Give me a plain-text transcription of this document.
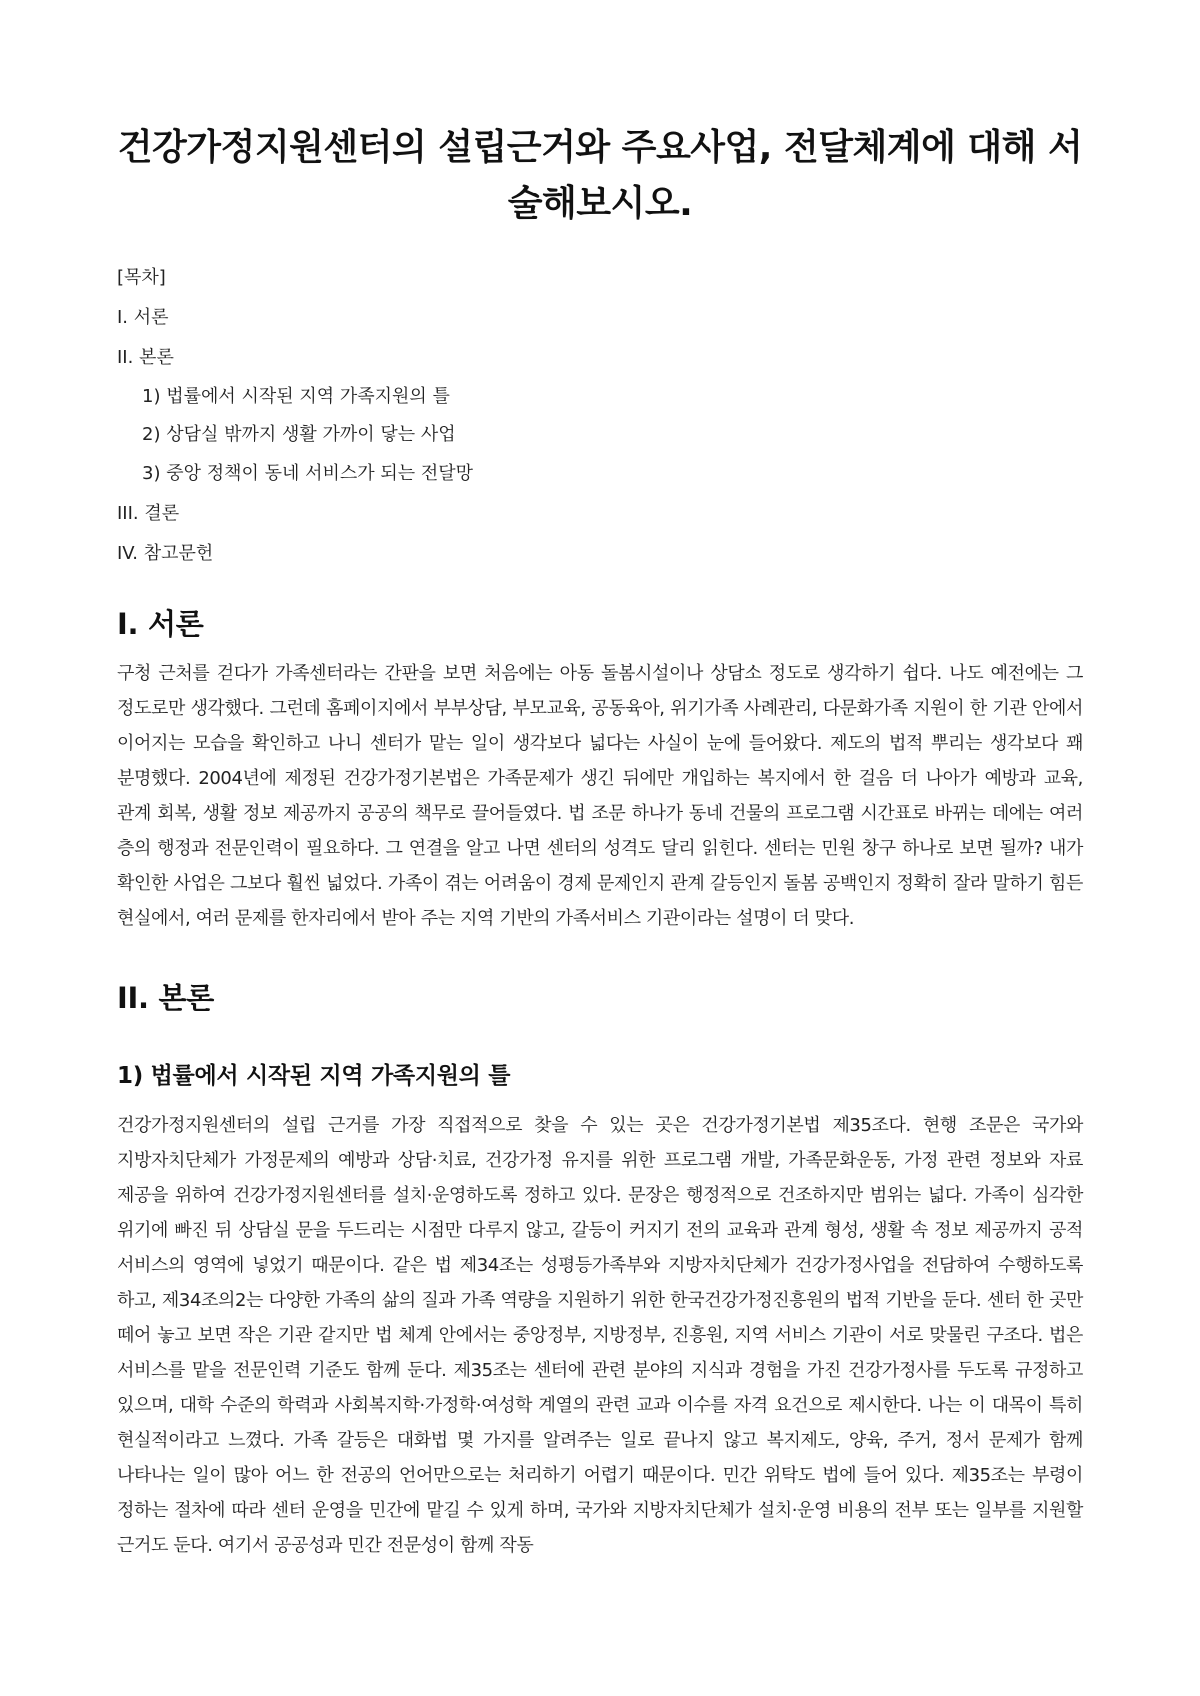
건강가정지원센터의 설립근거와 주요사업, 전달체계에 대해 서술해보시오.
[목차]
I. 서론
II. 본론
1) 법률에서 시작된 지역 가족지원의 틀
2) 상담실 밖까지 생활 가까이 닿는 사업
3) 중앙 정책이 동네 서비스가 되는 전달망
III. 결론
IV. 참고문헌
I. 서론

구청 근처를 걷다가 가족센터라는 간판을 보면 처음에는 아동 돌봄시설이나 상담소 정도로 생각하기 쉽다. 나도 예전에는 그 정도로만 생각했다. 그런데 홈페이지에서 부부상담, 부모교육, 공동육아, 위기가족 사례관리, 다문화가족 지원이 한 기관 안에서 이어지는 모습을 확인하고 나니 센터가 맡는 일이 생각보다 넓다는 사실이 눈에 들어왔다. 제도의 법적 뿌리는 생각보다 꽤 분명했다. 2004년에 제정된 건강가정기본법은 가족문제가 생긴 뒤에만 개입하는 복지에서 한 걸음 더 나아가 예방과 교육, 관계 회복, 생활 정보 제공까지 공공의 책무로 끌어들였다. 법 조문 하나가 동네 건물의 프로그램 시간표로 바뀌는 데에는 여러 층의 행정과 전문인력이 필요하다. 그 연결을 알고 나면 센터의 성격도 달리 읽힌다. 센터는 민원 창구 하나로 보면 될까? 내가 확인한 사업은 그보다 훨씬 넓었다. 가족이 겪는 어려움이 경제 문제인지 관계 갈등인지 돌봄 공백인지 정확히 잘라 말하기 힘든 현실에서, 여러 문제를 한자리에서 받아 주는 지역 기반의 가족서비스 기관이라는 설명이 더 맞다.

II. 본론
1) 법률에서 시작된 지역 가족지원의 틀

건강가정지원센터의 설립 근거를 가장 직접적으로 찾을 수 있는 곳은 건강가정기본법 제35조다. 현행 조문은 국가와 지방자치단체가 가정문제의 예방과 상담·치료, 건강가정 유지를 위한 프로그램 개발, 가족문화운동, 가정 관련 정보와 자료 제공을 위하여 건강가정지원센터를 설치·운영하도록 정하고 있다. 문장은 행정적으로 건조하지만 범위는 넓다. 가족이 심각한 위기에 빠진 뒤 상담실 문을 두드리는 시점만 다루지 않고, 갈등이 커지기 전의 교육과 관계 형성, 생활 속 정보 제공까지 공적 서비스의 영역에 넣었기 때문이다. 같은 법 제34조는 성평등가족부와 지방자치단체가 건강가정사업을 전담하여 수행하도록 하고, 제34조의2는 다양한 가족의 삶의 질과 가족 역량을 지원하기 위한 한국건강가정진흥원의 법적 기반을 둔다. 센터 한 곳만 떼어 놓고 보면 작은 기관 같지만 법 체계 안에서는 중앙정부, 지방정부, 진흥원, 지역 서비스 기관이 서로 맞물린 구조다. 법은 서비스를 맡을 전문인력 기준도 함께 둔다. 제35조는 센터에 관련 분야의 지식과 경험을 가진 건강가정사를 두도록 규정하고 있으며, 대학 수준의 학력과 사회복지학·가정학·여성학 계열의 관련 교과 이수를 자격 요건으로 제시한다. 나는 이 대목이 특히 현실적이라고 느꼈다. 가족 갈등은 대화법 몇 가지를 알려주는 일로 끝나지 않고 복지제도, 양육, 주거, 정서 문제가 함께 나타나는 일이 많아 어느 한 전공의 언어만으로는 처리하기 어렵기 때문이다. 민간 위탁도 법에 들어 있다. 제35조는 부령이 정하는 절차에 따라 센터 운영을 민간에 맡길 수 있게 하며, 국가와 지방자치단체가 설치·운영 비용의 전부 또는 일부를 지원할 근거도 둔다. 여기서 공공성과 민간 전문성이 함께 작동
